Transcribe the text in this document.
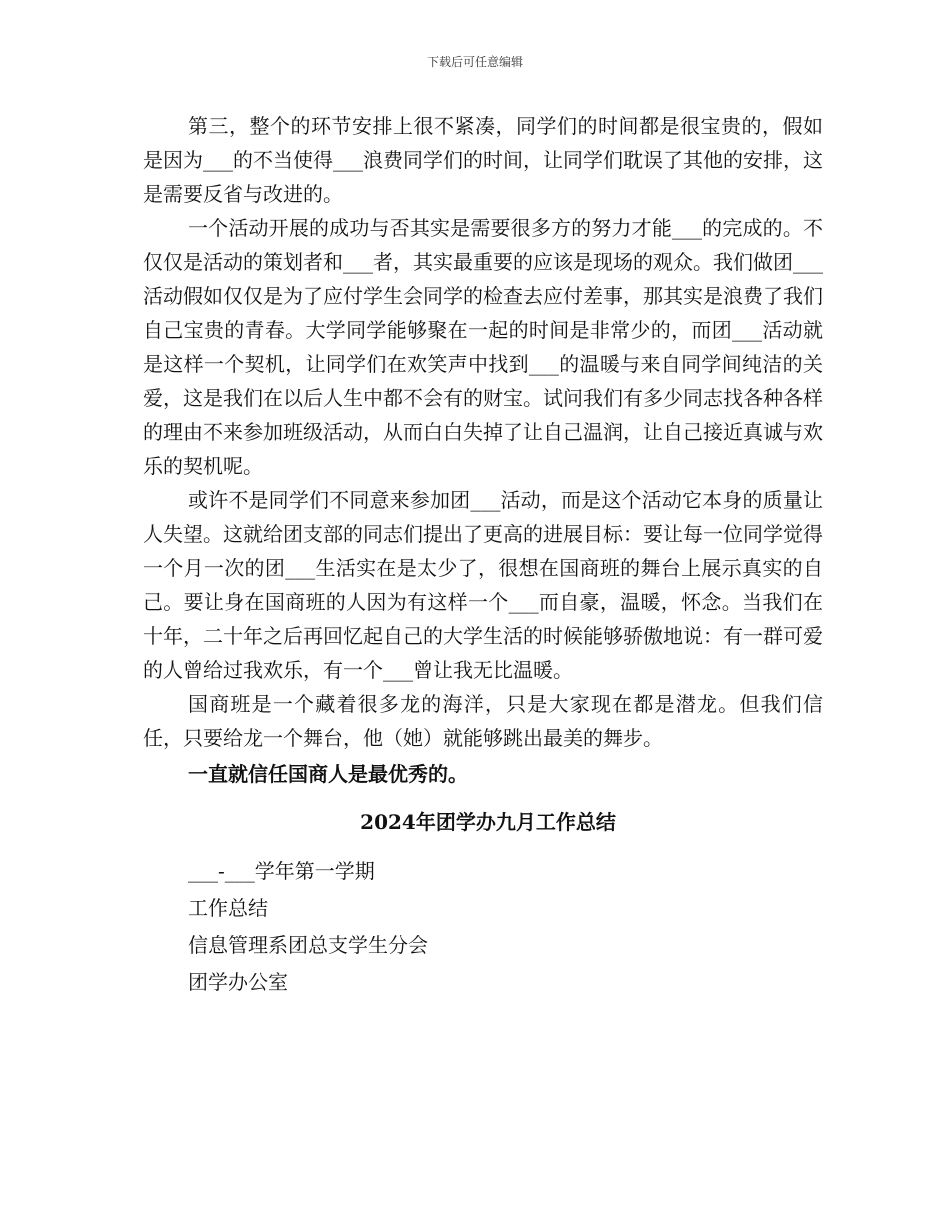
下载后可任意编辑

第三，整个的环节安排上很不紧凑，同学们的时间都是很宝贵的，假如是因为___的不当使得___浪费同学们的时间，让同学们耽误了其他的安排，这是需要反省与改进的。

一个活动开展的成功与否其实是需要很多方的努力才能___的完成的。不仅仅是活动的策划者和___者，其实最重要的应该是现场的观众。我们做团___活动假如仅仅是为了应付学生会同学的检查去应付差事，那其实是浪费了我们自己宝贵的青春。大学同学能够聚在一起的时间是非常少的，而团___活动就是这样一个契机，让同学们在欢笑声中找到___的温暖与来自同学间纯洁的关爱，这是我们在以后人生中都不会有的财宝。试问我们有多少同志找各种各样的理由不来参加班级活动，从而白白失掉了让自己温润，让自己接近真诚与欢乐的契机呢。

或许不是同学们不同意来参加团___活动，而是这个活动它本身的质量让人失望。这就给团支部的同志们提出了更高的进展目标：要让每一位同学觉得一个月一次的团___生活实在是太少了，很想在国商班的舞台上展示真实的自己。要让身在国商班的人因为有这样一个___而自豪，温暖，怀念。当我们在十年，二十年之后再回忆起自己的大学生活的时候能够骄傲地说：有一群可爱的人曾给过我欢乐，有一个___曾让我无比温暖。

国商班是一个藏着很多龙的海洋，只是大家现在都是潜龙。但我们信任，只要给龙一个舞台，他（她）就能够跳出最美的舞步。

一直就信任国商人是最优秀的。

2024年团学办九月工作总结

___-___学年第一学期

工作总结

信息管理系团总支学生分会

团学办公室
